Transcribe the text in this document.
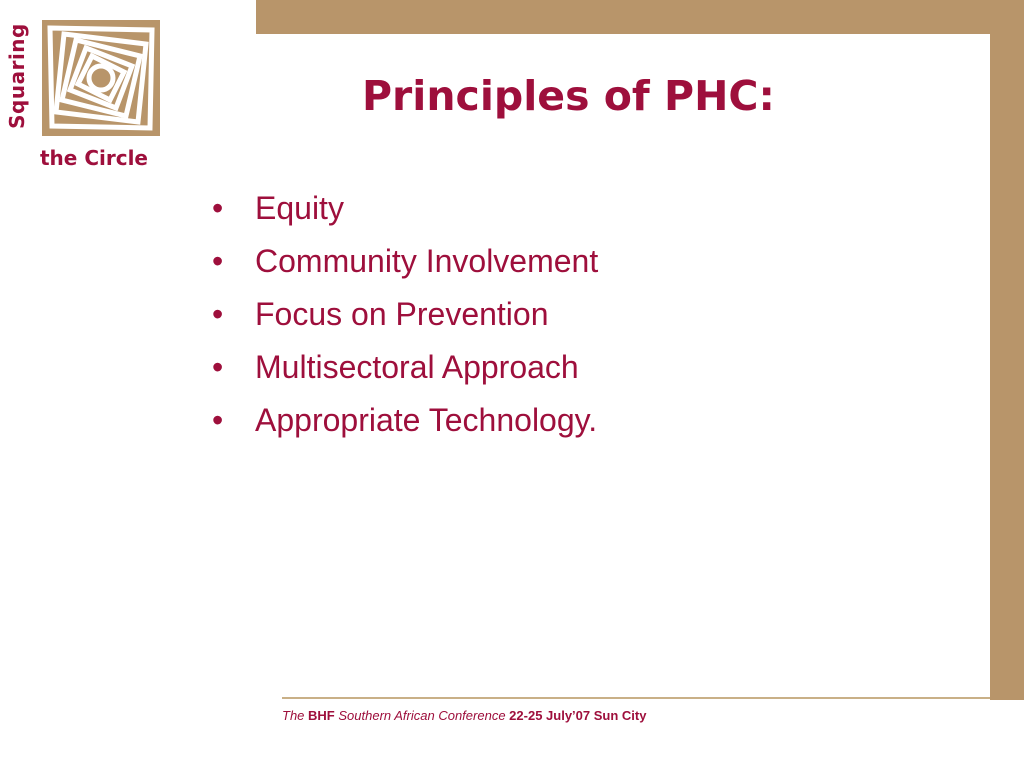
Squaring
the Circle
Principles of PHC:
• Equity
• Community Involvement
• Focus on Prevention
• Multisectoral Approach
• Appropriate Technology.
The BHF Southern African Conference 22-25 July’07 Sun City
